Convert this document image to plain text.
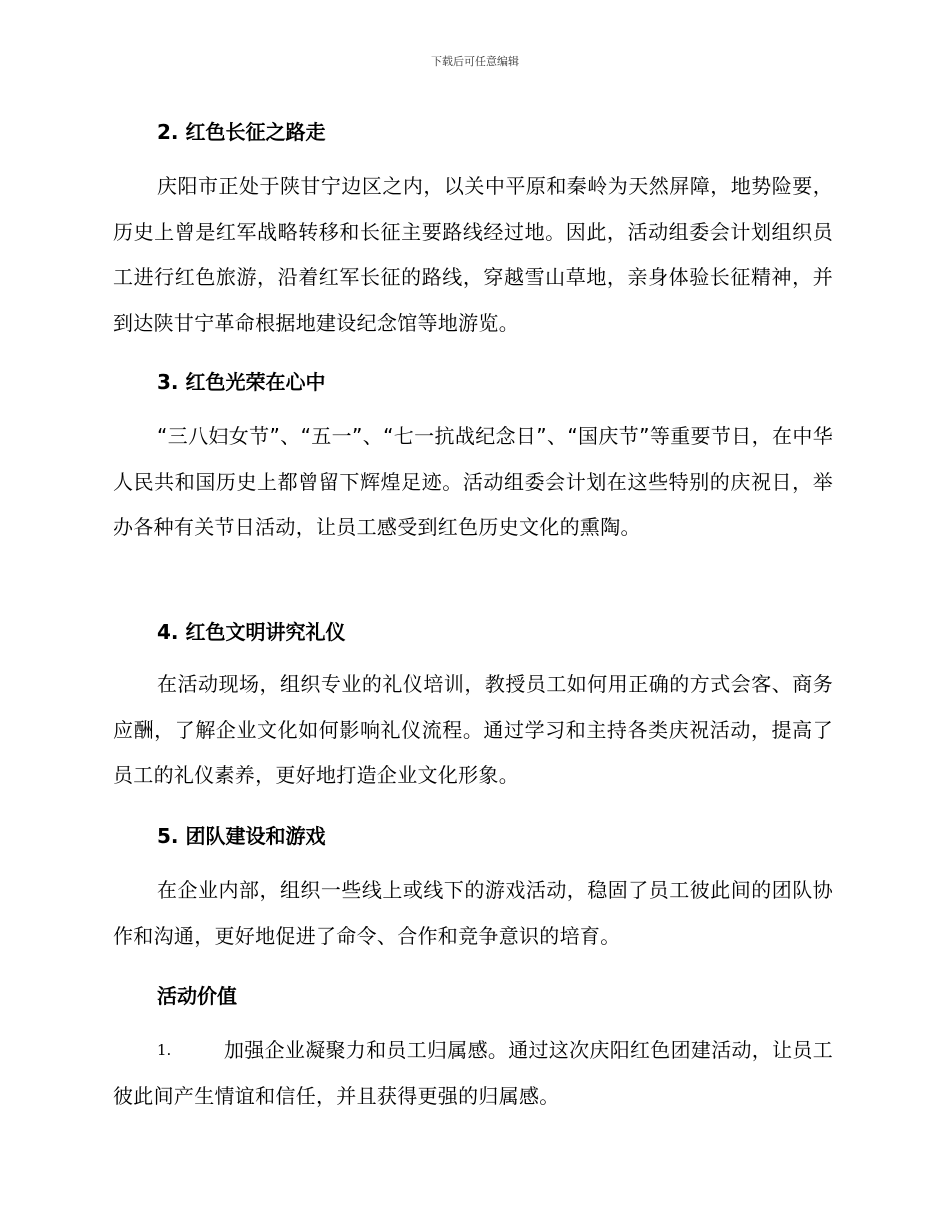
下载后可任意编辑
2. 红色长征之路走
庆阳市正处于陕甘宁边区之内，以关中平原和秦岭为天然屏障，地势险要，历史上曾是红军战略转移和长征主要路线经过地。因此，活动组委会计划组织员工进行红色旅游，沿着红军长征的路线，穿越雪山草地，亲身体验长征精神，并到达陕甘宁革命根据地建设纪念馆等地游览。
3. 红色光荣在心中
“三八妇女节”、“五一”、“七一抗战纪念日”、“国庆节”等重要节日，在中华人民共和国历史上都曾留下辉煌足迹。活动组委会计划在这些特别的庆祝日，举办各种有关节日活动，让员工感受到红色历史文化的熏陶。
4. 红色文明讲究礼仪
在活动现场，组织专业的礼仪培训，教授员工如何用正确的方式会客、商务应酬，了解企业文化如何影响礼仪流程。通过学习和主持各类庆祝活动，提高了员工的礼仪素养，更好地打造企业文化形象。
5. 团队建设和游戏
在企业内部，组织一些线上或线下的游戏活动，稳固了员工彼此间的团队协作和沟通，更好地促进了命令、合作和竞争意识的培育。
活动价值
1.	加强企业凝聚力和员工归属感。通过这次庆阳红色团建活动，让员工彼此间产生情谊和信任，并且获得更强的归属感。
